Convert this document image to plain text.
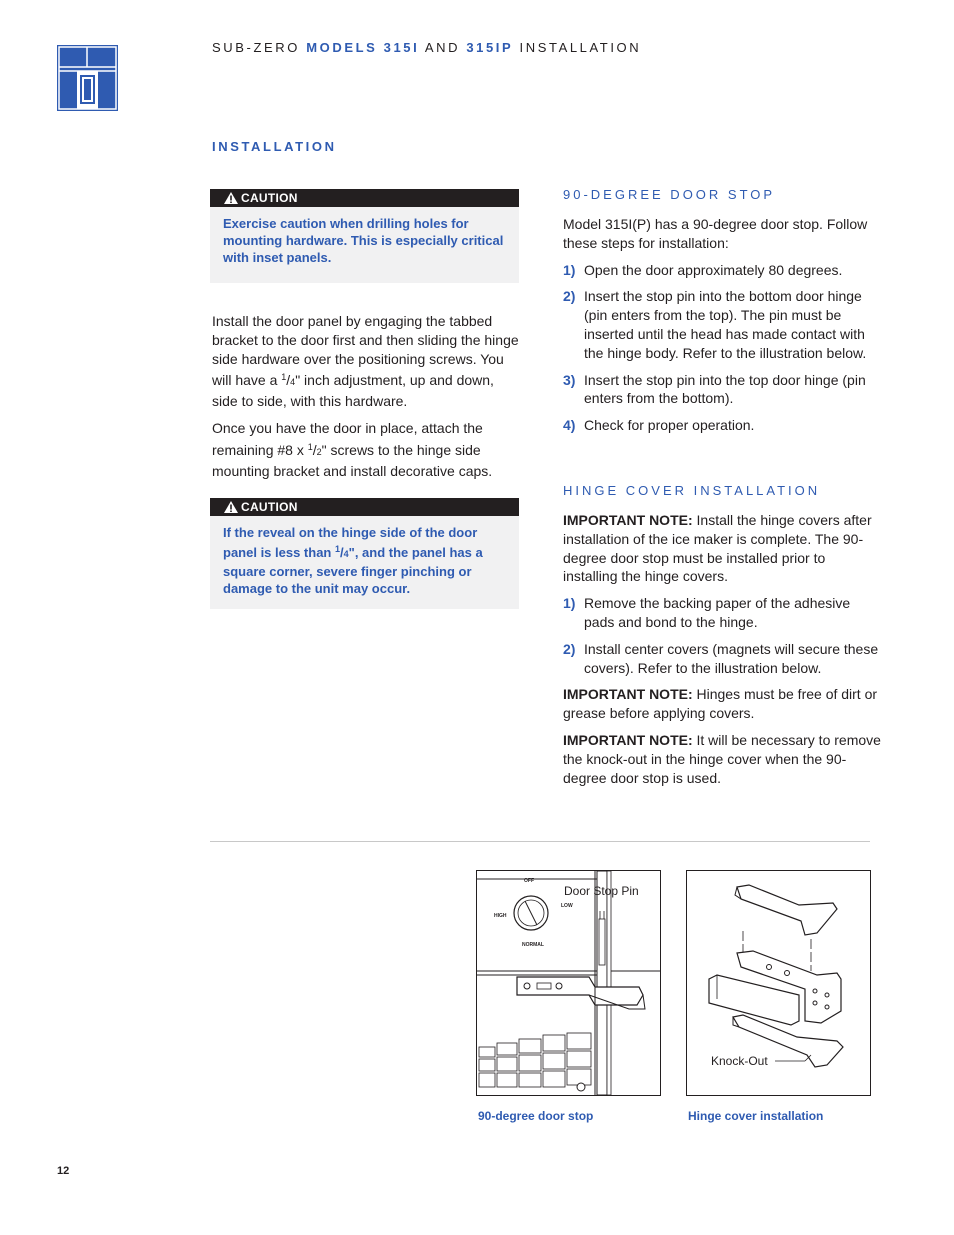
SUB-ZERO MODELS 315I AND 315IP INSTALLATION
INSTALLATION
CAUTION
Exercise caution when drilling holes for mounting hardware. This is especially critical with inset panels.

Install the door panel by engaging the tabbed bracket to the door first and then sliding the hinge side hardware over the positioning screws. You will have a $^1$/4" inch adjustment, up and down, side to side, with this hardware.

Once you have the door in place, attach the remaining #8 x $^1$/2" screws to the hinge side mounting bracket and install decorative caps.

CAUTION
If the reveal on the hinge side of the door panel is less than $^1$/4", and the panel has a square corner, severe finger pinching or damage to the unit may occur.
90-DEGREE DOOR STOP

Model 315I(P) has a 90-degree door stop. Follow these steps for installation:

1) Open the door approximately 80 degrees.
2) Insert the stop pin into the bottom door hinge (pin enters from the top). The pin must be inserted until the head has made contact with the hinge body. Refer to the illustration below.
3) Insert the stop pin into the top door hinge (pin enters from the bottom).
4) Check for proper operation.
HINGE COVER INSTALLATION

IMPORTANT NOTE: Install the hinge covers after installation of the ice maker is complete. The 90-degree door stop must be installed prior to installing the hinge covers.

1) Remove the backing paper of the adhesive pads and bond to the hinge.
2) Install center covers (magnets will secure these covers). Refer to the illustration below.

IMPORTANT NOTE: Hinges must be free of dirt or grease before applying covers.

IMPORTANT NOTE: It will be necessary to remove the knock-out in the hinge cover when the 90-degree door stop is used.

OFF
LOW
HIGH
NORMAL
Door Stop Pin
90-degree door stop
Knock-Out
Hinge cover installation
12
